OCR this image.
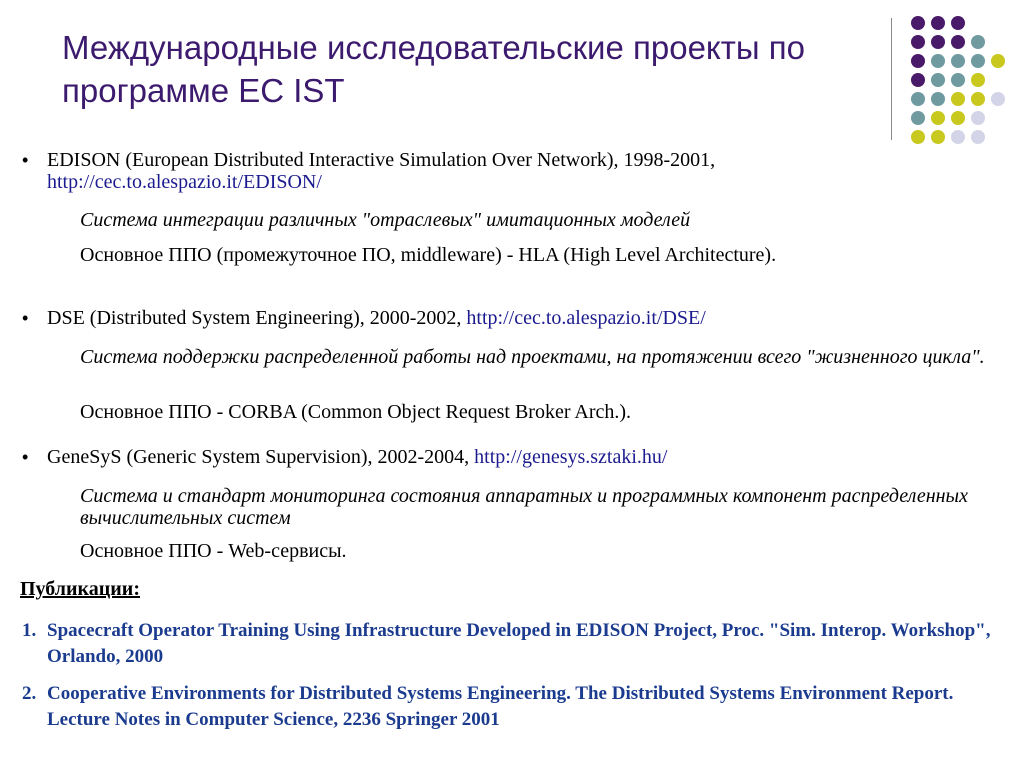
Международные исследовательские проекты по программе ЕС IST
• EDISON (European Distributed Interactive Simulation Over Network), 1998-2001,
http://cec.to.alespazio.it/EDISON/

Система интеграции различных "отраслевых" имитационных моделей

Основное ППО (промежуточное ПО, middleware) - HLA (High Level Architecture).

• DSE (Distributed System Engineering), 2000-2002, http://cec.to.alespazio.it/DSE/

Система поддержки распределенной работы над проектами, на протяжении всего "жизненного цикла".

Основное ППО - CORBA (Common Object Request Broker Arch.).

• GeneSyS (Generic System Supervision), 2002-2004, http://genesys.sztaki.hu/

Система и стандарт мониторинга состояния аппаратных и программных компонент распределенных вычислительных систем

Основное ППО - Web-сервисы.

Публикации:
1. Spacecraft Operator Training Using Infrastructure Developed in EDISON Project, Proc. "Sim. Interop. Workshop", Orlando, 2000

2. Cooperative Environments for Distributed Systems Engineering. The Distributed Systems Environment Report. Lecture Notes in Computer Science, 2236 Springer 2001
